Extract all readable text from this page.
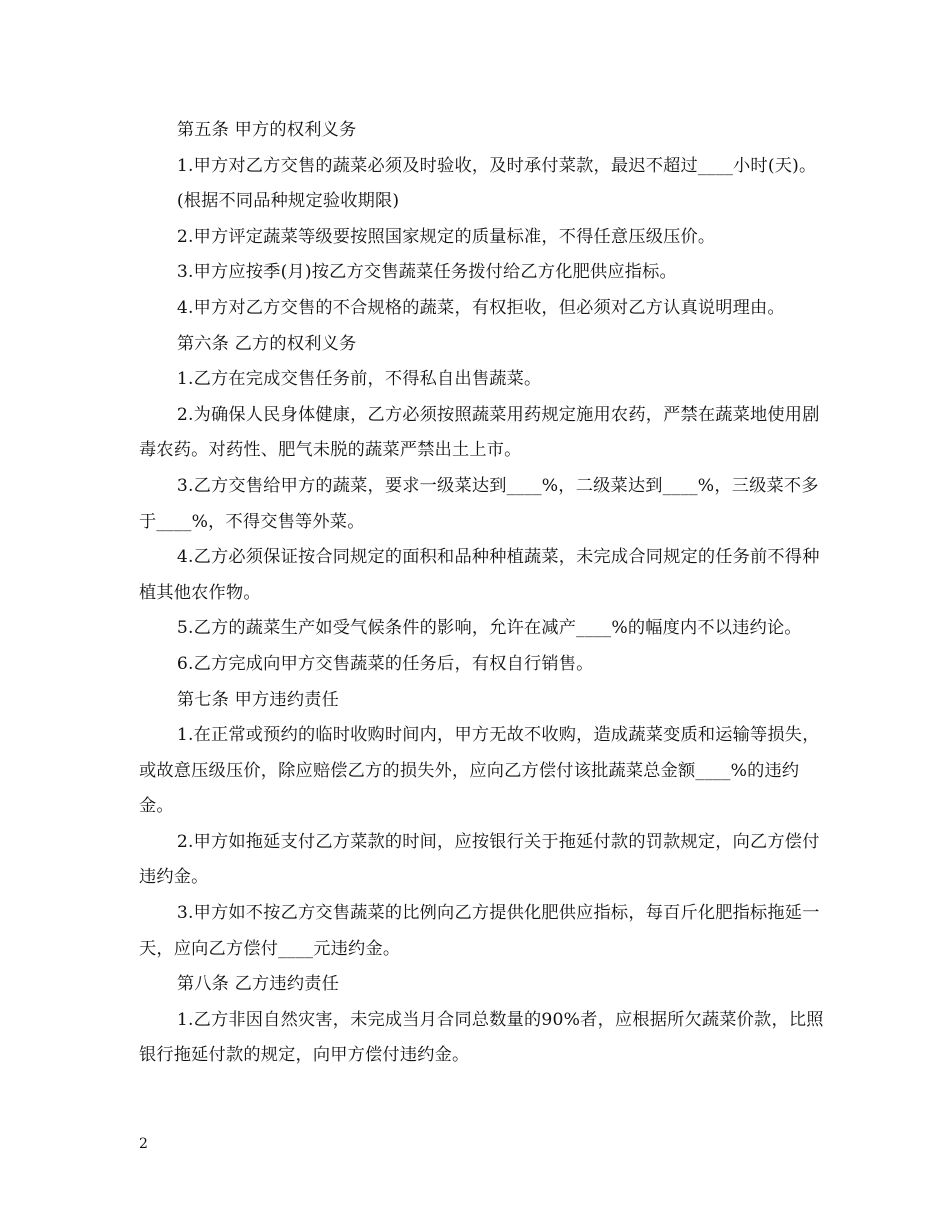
第五条 甲方的权利义务

1.甲方对乙方交售的蔬菜必须及时验收，及时承付菜款，最迟不超过____小时(天)。

(根据不同品种规定验收期限)

2.甲方评定蔬菜等级要按照国家规定的质量标准，不得任意压级压价。

3.甲方应按季(月)按乙方交售蔬菜任务拨付给乙方化肥供应指标。

4.甲方对乙方交售的不合规格的蔬菜，有权拒收，但必须对乙方认真说明理由。

第六条 乙方的权利义务

1.乙方在完成交售任务前，不得私自出售蔬菜。

2.为确保人民身体健康，乙方必须按照蔬菜用药规定施用农药，严禁在蔬菜地使用剧毒农药。对药性、肥气未脱的蔬菜严禁出土上市。

3.乙方交售给甲方的蔬菜，要求一级菜达到____%，二级菜达到____%，三级菜不多于____%，不得交售等外菜。

4.乙方必须保证按合同规定的面积和品种种植蔬菜，未完成合同规定的任务前不得种植其他农作物。

5.乙方的蔬菜生产如受气候条件的影响，允许在减产____%的幅度内不以违约论。

6.乙方完成向甲方交售蔬菜的任务后，有权自行销售。

第七条 甲方违约责任

1.在正常或预约的临时收购时间内，甲方无故不收购，造成蔬菜变质和运输等损失，或故意压级压价，除应赔偿乙方的损失外，应向乙方偿付该批蔬菜总金额____%的违约金。

2.甲方如拖延支付乙方菜款的时间，应按银行关于拖延付款的罚款规定，向乙方偿付违约金。

3.甲方如不按乙方交售蔬菜的比例向乙方提供化肥供应指标，每百斤化肥指标拖延一天，应向乙方偿付____元违约金。

第八条 乙方违约责任

1.乙方非因自然灾害，未完成当月合同总数量的90%者，应根据所欠蔬菜价款，比照银行拖延付款的规定，向甲方偿付违约金。

2
